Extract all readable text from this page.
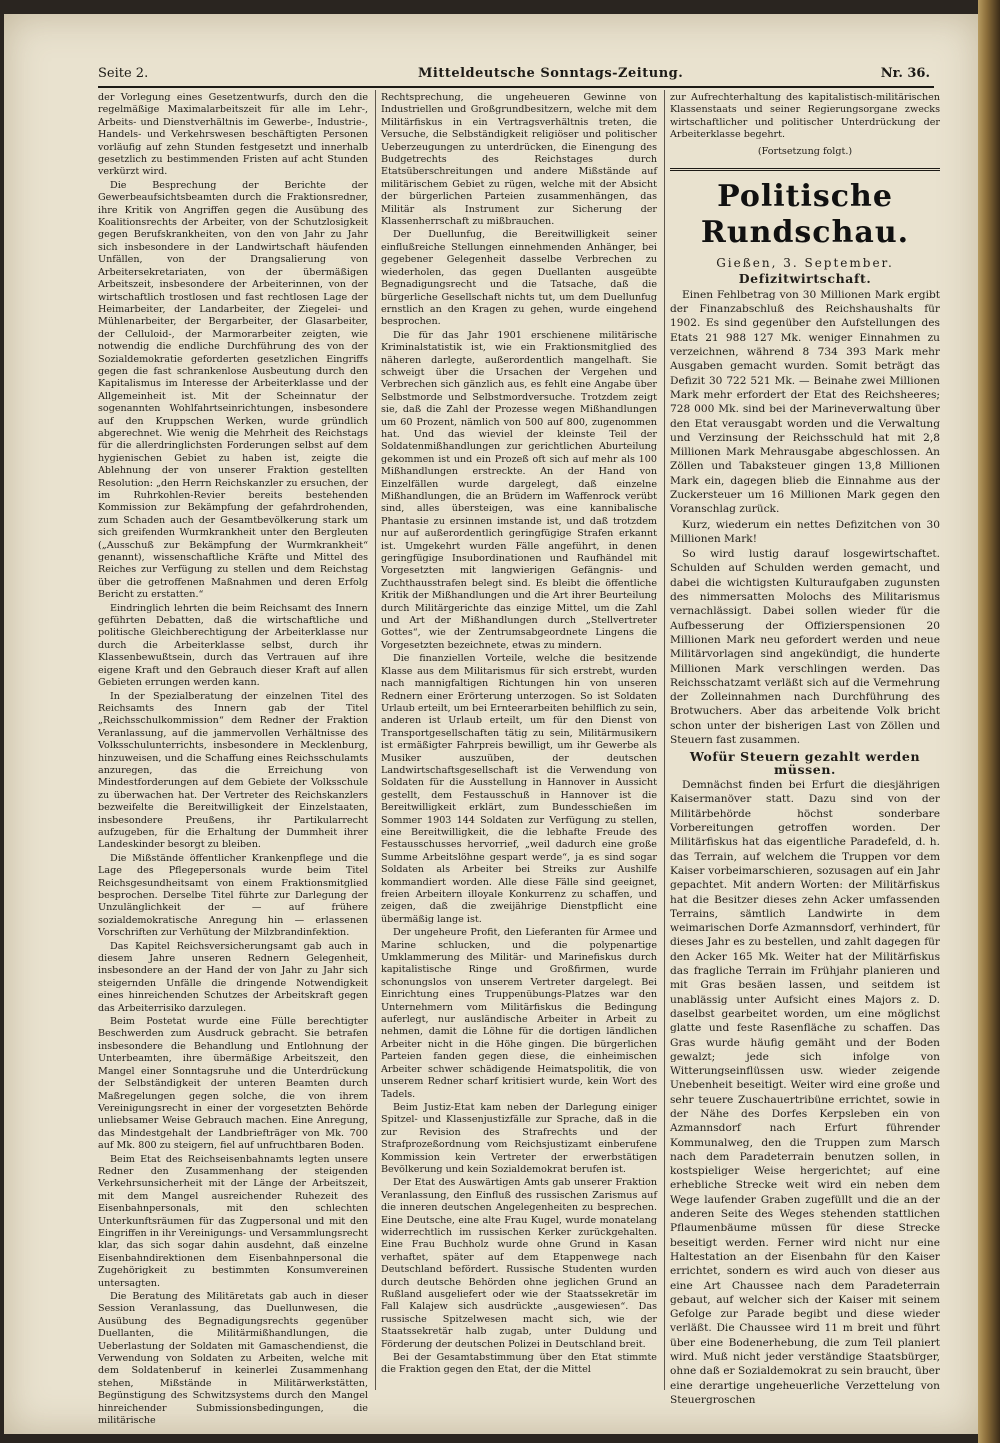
Seite 2.	Mitteldeutsche Sonntags-Zeitung.	Nr. 36.

der Vorlegung eines Gesetzentwurfs, durch den die regelmäßige Maximalarbeitszeit für alle im Lehr-, Arbeits- und Dienstverhältnis im Gewerbe-, Industrie-, Handels- und Verkehrswesen beschäftigten Personen vorläufig auf zehn Stunden festgesetzt und innerhalb gesetzlich zu bestimmenden Fristen auf acht Stunden verkürzt wird.

Die Besprechung der Berichte der Gewerbeaufsichtsbeamten durch die Fraktionsredner, ihre Kritik von Angriffen gegen die Ausübung des Koalitionsrechts der Arbeiter, von der Schutzlosigkeit gegen Berufskrankheiten, von den von Jahr zu Jahr sich insbesondere in der Landwirtschaft häufenden Unfällen, von der Drangsalierung von Arbeitersekretariaten, von der übermäßigen Arbeitszeit, insbesondere der Arbeiterinnen, von der wirtschaftlich trostlosen und fast rechtlosen Lage der Heimarbeiter, der Landarbeiter, der Ziegelei- und Mühlenarbeiter, der Bergarbeiter, der Glasarbeiter, der Celluloid-, der Marmorarbeiter zeigten, wie notwendig die endliche Durchführung des von der Sozialdemokratie geforderten gesetzlichen Eingriffs gegen die fast schrankenlose Ausbeutung durch den Kapitalismus im Interesse der Arbeiterklasse und der Allgemeinheit ist. Mit der Scheinnatur der sogenannten Wohlfahrtseinrichtungen, insbesondere auf den Kruppschen Werken, wurde gründlich abgerechnet. Wie wenig die Mehrheit des Reichstags für die allerdringlichsten Forderungen selbst auf dem hygienischen Gebiet zu haben ist, zeigte die Ablehnung der von unserer Fraktion gestellten Resolution: „den Herrn Reichskanzler zu ersuchen, der im Ruhrkohlen-Revier bereits bestehenden Kommission zur Bekämpfung der gefahrdrohenden, zum Schaden auch der Gesamtbevölkerung stark um sich greifenden Wurmkrankheit unter den Bergleuten („Ausschuß zur Bekämpfung der Wurmkrankheit“ genannt), wissenschaftliche Kräfte und Mittel des Reiches zur Verfügung zu stellen und dem Reichstag über die getroffenen Maßnahmen und deren Erfolg Bericht zu erstatten.“

Eindringlich lehrten die beim Reichsamt des Innern geführten Debatten, daß die wirtschaftliche und politische Gleichberechtigung der Arbeiterklasse nur durch die Arbeiterklasse selbst, durch ihr Klassenbewußtsein, durch das Vertrauen auf ihre eigene Kraft und den Gebrauch dieser Kraft auf allen Gebieten errungen werden kann.

In der Spezialberatung der einzelnen Titel des Reichsamts des Innern gab der Titel „Reichsschulkommission“ dem Redner der Fraktion Veranlassung, auf die jammervollen Verhältnisse des Volksschulunterrichts, insbesondere in Mecklenburg, hinzuweisen, und die Schaffung eines Reichsschulamts anzuregen, das die Erreichung von Mindestforderungen auf dem Gebiete der Volksschule zu überwachen hat. Der Vertreter des Reichskanzlers bezweifelte die Bereitwilligkeit der Einzelstaaten, insbesondere Preußens, ihr Partikularrecht aufzugeben, für die Erhaltung der Dummheit ihrer Landeskinder besorgt zu bleiben.

Die Mißstände öffentlicher Krankenpflege und die Lage des Pflegepersonals wurde beim Titel Reichsgesundheitsamt von einem Fraktionsmitglied besprochen. Derselbe Titel führte zur Darlegung der Unzulänglichkeit der — auf frühere sozialdemokratische Anregung hin — erlassenen Vorschriften zur Verhütung der Milzbrandinfektion.

Das Kapitel Reichsversicherungsamt gab auch in diesem Jahre unseren Rednern Gelegenheit, insbesondere an der Hand der von Jahr zu Jahr sich steigernden Unfälle die dringende Notwendigkeit eines hinreichenden Schutzes der Arbeitskraft gegen das Arbeiterrisiko darzulegen.

Beim Postetat wurde eine Fülle berechtigter Beschwerden zum Ausdruck gebracht. Sie betrafen insbesondere die Behandlung und Entlohnung der Unterbeamten, ihre übermäßige Arbeitszeit, den Mangel einer Sonntagsruhe und die Unterdrückung der Selbständigkeit der unteren Beamten durch Maßregelungen gegen solche, die von ihrem Vereinigungsrecht in einer der vorgesetzten Behörde unliebsamer Weise Gebrauch machen. Eine Anregung, das Mindestgehalt der Landbriefträger von Mk. 700 auf Mk. 800 zu steigern, fiel auf unfruchtbaren Boden.

Beim Etat des Reichseisenbahnamts legten unsere Redner den Zusammenhang der steigenden Verkehrsunsicherheit mit der Länge der Arbeitszeit, mit dem Mangel ausreichender Ruhezeit des Eisenbahnpersonals, mit den schlechten Unterkunftsräumen für das Zugpersonal und mit den Eingriffen in ihr Vereinigungs- und Versammlungsrecht klar, das sich sogar dahin ausdehnt, daß einzelne Eisenbahndirektionen dem Eisenbahnpersonal die Zugehörigkeit zu bestimmten Konsumvereinen untersagten.

Die Beratung des Militäretats gab auch in dieser Session Veranlassung, das Duellunwesen, die Ausübung des Begnadigungsrechts gegenüber Duellanten, die Militärmißhandlungen, die Ueberlastung der Soldaten mit Gamaschendienst, die Verwendung von Soldaten zu Arbeiten, welche mit dem Soldatenberuf in keinerlei Zusammenhang stehen, Mißstände in Militärwerkstätten, Begünstigung des Schwitzsystems durch den Mangel hinreichender Submissionsbedingungen, die militärische

Rechtsprechung, die ungeheueren Gewinne von Industriellen und Großgrundbesitzern, welche mit dem Militärfiskus in ein Vertragsverhältnis treten, die Versuche, die Selbständigkeit religiöser und politischer Ueberzeugungen zu unterdrücken, die Einengung des Budgetrechts des Reichstages durch Etatsüberschreitungen und andere Mißstände auf militärischem Gebiet zu rügen, welche mit der Absicht der bürgerlichen Parteien zusammenhängen, das Militär als Instrument zur Sicherung der Klassenherrschaft zu mißbrauchen.

Der Duellunfug, die Bereitwilligkeit seiner einflußreiche Stellungen einnehmenden Anhänger, bei gegebener Gelegenheit dasselbe Verbrechen zu wiederholen, das gegen Duellanten ausgeübte Begnadigungsrecht und die Tatsache, daß die bürgerliche Gesellschaft nichts tut, um dem Duellunfug ernstlich an den Kragen zu gehen, wurde eingehend besprochen.

Die für das Jahr 1901 erschienene militärische Kriminalstatistik ist, wie ein Fraktionsmitglied des näheren darlegte, außerordentlich mangelhaft. Sie schweigt über die Ursachen der Vergehen und Verbrechen sich gänzlich aus, es fehlt eine Angabe über Selbstmorde und Selbstmordversuche. Trotzdem zeigt sie, daß die Zahl der Prozesse wegen Mißhandlungen um 60 Prozent, nämlich von 500 auf 800, zugenommen hat. Und das wieviel der kleinste Teil der Soldatenmißhandlungen zur gerichtlichen Aburteilung gekommen ist und ein Prozeß oft sich auf mehr als 100 Mißhandlungen erstreckte. An der Hand von Einzelfällen wurde dargelegt, daß einzelne Mißhandlungen, die an Brüdern im Waffenrock verübt sind, alles übersteigen, was eine kannibalische Phantasie zu ersinnen imstande ist, und daß trotzdem nur auf außerordentlich geringfügige Strafen erkannt ist. Umgekehrt wurden Fälle angeführt, in denen geringfügige Insubordinationen und Raufhändel mit Vorgesetzten mit langwierigen Gefängnis- und Zuchthausstrafen belegt sind. Es bleibt die öffentliche Kritik der Mißhandlungen und die Art ihrer Beurteilung durch Militärgerichte das einzige Mittel, um die Zahl und Art der Mißhandlungen durch „Stellvertreter Gottes“, wie der Zentrumsabgeordnete Lingens die Vorgesetzten bezeichnete, etwas zu mindern.

Die finanziellen Vorteile, welche die besitzende Klasse aus dem Militarismus für sich erstrebt, wurden nach mannigfaltigen Richtungen hin von unseren Rednern einer Erörterung unterzogen. So ist Soldaten Urlaub erteilt, um bei Ernteerarbeiten behilflich zu sein, anderen ist Urlaub erteilt, um für den Dienst von Transportgesellschaften tätig zu sein, Militärmusikern ist ermäßigter Fahrpreis bewilligt, um ihr Gewerbe als Musiker auszuüben, der deutschen Landwirtschaftsgesellschaft ist die Verwendung von Soldaten für die Ausstellung in Hannover in Aussicht gestellt, dem Festausschuß in Hannover ist die Bereitwilligkeit erklärt, zum Bundesschießen im Sommer 1903 144 Soldaten zur Verfügung zu stellen, eine Bereitwilligkeit, die die lebhafte Freude des Festausschusses hervorrief, „weil dadurch eine große Summe Arbeitslöhne gespart werde“, ja es sind sogar Soldaten als Arbeiter bei Streiks zur Aushilfe kommandiert worden. Alle diese Fälle sind geeignet, freien Arbeitern illoyale Konkurrenz zu schaffen, und zeigen, daß die zweijährige Dienstpflicht eine übermäßig lange ist.

Der ungeheure Profit, den Lieferanten für Armee und Marine schlucken, und die polypenartige Umklammerung des Militär- und Marinefiskus durch kapitalistische Ringe und Großfirmen, wurde schonungslos von unserem Vertreter dargelegt. Bei Einrichtung eines Truppenübungs-Platzes war den Unternehmern vom Militärfiskus die Bedingung auferlegt, nur ausländische Arbeiter in Arbeit zu nehmen, damit die Löhne für die dortigen ländlichen Arbeiter nicht in die Höhe gingen. Die bürgerlichen Parteien fanden gegen diese, die einheimischen Arbeiter schwer schädigende Heimatspolitik, die von unserem Redner scharf kritisiert wurde, kein Wort des Tadels.

Beim Justiz-Etat kam neben der Darlegung einiger Spitzel- und Klassenjustizfälle zur Sprache, daß in die zur Revision des Strafrechts und der Strafprozeßordnung vom Reichsjustizamt einberufene Kommission kein Vertreter der erwerbstätigen Bevölkerung und kein Sozialdemokrat berufen ist.

Der Etat des Auswärtigen Amts gab unserer Fraktion Veranlassung, den Einfluß des russischen Zarismus auf die inneren deutschen Angelegenheiten zu besprechen. Eine Deutsche, eine alte Frau Kugel, wurde monatelang widerrechtlich im russischen Kerker zurückgehalten. Eine Frau Buchholz wurde ohne Grund in Kasan verhaftet, später auf dem Etappenwege nach Deutschland befördert. Russische Studenten wurden durch deutsche Behörden ohne jeglichen Grund an Rußland ausgeliefert oder wie der Staatssekretär im Fall Kalajew sich ausdrückte „ausgewiesen“. Das russische Spitzelwesen macht sich, wie der Staatssekretär halb zugab, unter Duldung und Förderung der deutschen Polizei in Deutschland breit.

Bei der Gesamtabstimmung über den Etat stimmte die Fraktion gegen den Etat, der die Mittel

zur Aufrechterhaltung des kapitalistisch-militärischen Klassenstaats und seiner Regierungsorgane zwecks wirtschaftlicher und politischer Unterdrückung der Arbeiterklasse begehrt.

(Fortsetzung folgt.)

Politische Rundschau.
Gießen, 3. September.
Defizitwirtschaft.

Einen Fehlbetrag von 30 Millionen Mark ergibt der Finanzabschluß des Reichshaushalts für 1902. Es sind gegenüber den Aufstellungen des Etats 21 988 127 Mk. weniger Einnahmen zu verzeichnen, während 8 734 393 Mark mehr Ausgaben gemacht wurden. Somit beträgt das Defizit 30 722 521 Mk. — Beinahe zwei Millionen Mark mehr erfordert der Etat des Reichsheeres; 728 000 Mk. sind bei der Marineverwaltung über den Etat verausgabt worden und die Verwaltung und Verzinsung der Reichsschuld hat mit 2,8 Millionen Mark Mehrausgabe abgeschlossen. An Zöllen und Tabaksteuer gingen 13,8 Millionen Mark ein, dagegen blieb die Einnahme aus der Zuckersteuer um 16 Millionen Mark gegen den Voranschlag zurück.

Kurz, wiederum ein nettes Defizitchen von 30 Millionen Mark!

So wird lustig darauf losgewirtschaftet. Schulden auf Schulden werden gemacht, und dabei die wichtigsten Kulturaufgaben zugunsten des nimmersatten Molochs des Militarismus vernachlässigt. Dabei sollen wieder für die Aufbesserung der Offizierspensionen 20 Millionen Mark neu gefordert werden und neue Militärvorlagen sind angekündigt, die hunderte Millionen Mark verschlingen werden. Das Reichsschatzamt verläßt sich auf die Vermehrung der Zolleinnahmen nach Durchführung des Brotwuchers. Aber das arbeitende Volk bricht schon unter der bisherigen Last von Zöllen und Steuern fast zusammen.

Wofür Steuern gezahlt werden müssen.

Demnächst finden bei Erfurt die diesjährigen Kaisermanöver statt. Dazu sind von der Militärbehörde höchst sonderbare Vorbereitungen getroffen worden. Der Militärfiskus hat das eigentliche Paradefeld, d. h. das Terrain, auf welchem die Truppen vor dem Kaiser vorbeimarschieren, sozusagen auf ein Jahr gepachtet. Mit andern Worten: der Militärfiskus hat die Besitzer dieses zehn Acker umfassenden Terrains, sämtlich Landwirte in dem weimarischen Dorfe Azmannsdorf, verhindert, für dieses Jahr es zu bestellen, und zahlt dagegen für den Acker 165 Mk. Weiter hat der Militärfiskus das fragliche Terrain im Frühjahr planieren und mit Gras besäen lassen, und seitdem ist unablässig unter Aufsicht eines Majors z. D. daselbst gearbeitet worden, um eine möglichst glatte und feste Rasenfläche zu schaffen. Das Gras wurde häufig gemäht und der Boden gewalzt; jede sich infolge von Witterungseinflüssen usw. wieder zeigende Unebenheit beseitigt. Weiter wird eine große und sehr teuere Zuschauertribüne errichtet, sowie in der Nähe des Dorfes Kerpsleben ein von Azmannsdorf nach Erfurt führender Kommunalweg, den die Truppen zum Marsch nach dem Paradeterrain benutzen sollen, in kostspieliger Weise hergerichtet; auf eine erhebliche Strecke weit wird ein neben dem Wege laufender Graben zugefüllt und die an der anderen Seite des Weges stehenden stattlichen Pflaumenbäume müssen für diese Strecke beseitigt werden. Ferner wird nicht nur eine Haltestation an der Eisenbahn für den Kaiser errichtet, sondern es wird auch von dieser aus eine Art Chaussee nach dem Paradeterrain gebaut, auf welcher sich der Kaiser mit seinem Gefolge zur Parade begibt und diese wieder verläßt. Die Chaussee wird 11 m breit und führt über eine Bodenerhebung, die zum Teil planiert wird. Muß nicht jeder verständige Staatsbürger, ohne daß er Sozialdemokrat zu sein braucht, über eine derartige ungeheuerliche Verzettelung von Steuergroschen
